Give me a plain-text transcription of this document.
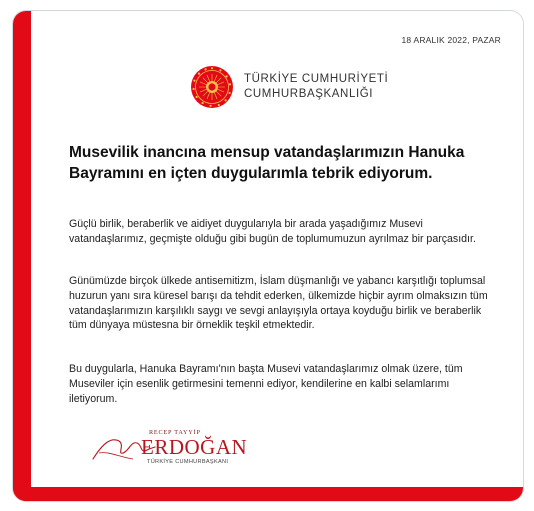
18 ARALIK 2022, PAZAR
TÜRKİYE CUMHURİYETİ
CUMHURBAŞKANLIĞI
Musevilik inancına mensup vatandaşlarımızın Hanuka Bayramını en içten duygularımla tebrik ediyorum.
Güçlü birlik, beraberlik ve aidiyet duygularıyla bir arada yaşadığımız Musevi vatandaşlarımız, geçmişte olduğu gibi bugün de toplumumuzun ayrılmaz bir parçasıdır.
Günümüzde birçok ülkede antisemitizm, İslam düşmanlığı ve yabancı karşıtlığı toplumsal huzurun yanı sıra küresel barışı da tehdit ederken, ülkemizde hiçbir ayrım olmaksızın tüm vatandaşlarımızın karşılıklı saygı ve sevgi anlayışıyla ortaya koyduğu birlik ve beraberlik tüm dünyaya müstesna bir örneklik teşkil etmektedir.
Bu duygularla, Hanuka Bayramı'nın başta Musevi vatandaşlarımız olmak üzere, tüm Museviler için esenlik getirmesini temenni ediyor, kendilerine en kalbi selamlarımı iletiyorum.
RECEP TAYYİP
ERDOĞAN
TÜRKİYE CUMHURBAŞKANI
